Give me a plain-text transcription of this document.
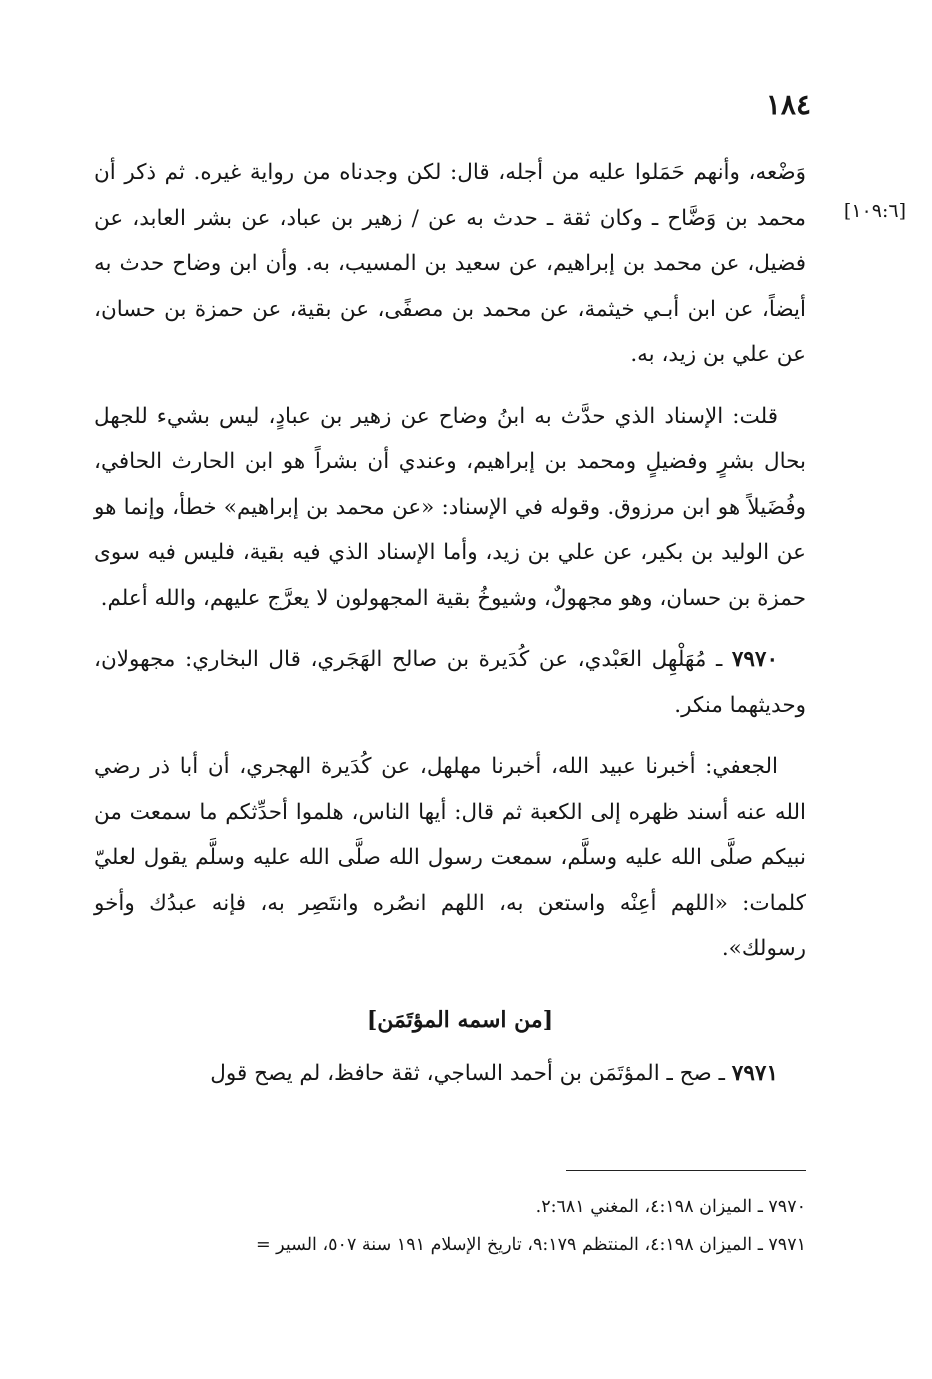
١٨٤
[١٠٩:٦]

وَضْعه، وأنهم حَمَلوا عليه من أجله، قال: لكن وجدناه من رواية غيره. ثم ذكر أن محمد بن وَضَّاح ـ وكان ثقة ـ حدث به عن / زهير بن عباد، عن بشر العابد، عن فضيل، عن محمد بن إبراهيم، عن سعيد بن المسيب، به. وأن ابن وضاح حدث به أيضاً، عن ابن أبـي خيثمة، عن محمد بن مصفًى، عن بقية، عن حمزة بن حسان، عن علي بن زيد، به.

قلت: الإسناد الذي حدَّث به ابنُ وضاح عن زهير بن عبادٍ، ليس بشيء للجهل بحال بشرٍ وفضيلٍ ومحمد بن إبراهيم، وعندي أن بشراً هو ابن الحارث الحافي، وفُضَيلاً هو ابن مرزوق. وقوله في الإسناد: «عن محمد بن إبراهيم» خطأ، وإنما هو عن الوليد بن بكير، عن علي بن زيد، وأما الإسناد الذي فيه بقية، فليس فيه سوى حمزة بن حسان، وهو مجهولٌ، وشيوخُ بقية المجهولون لا يعرَّج عليهم، والله أعلم.

٧٩٧٠ ـ مُهَلْهِل العَبْدي، عن كُدَيرة بن صالح الهَجَري، قال البخاري: مجهولان، وحديثهما منكر.

الجعفي: أخبرنا عبيد الله، أخبرنا مهلهل، عن كُدَيرة الهجري، أن أبا ذر رضي الله عنه أسند ظهره إلى الكعبة ثم قال: أيها الناس، هلموا أحدِّثكم ما سمعت من نبيكم صلَّى الله عليه وسلَّم، سمعت رسول الله صلَّى الله عليه وسلَّم يقول لعليّ كلمات: «اللهم أعِنْه واستعن به، اللهم انصُره وانتَصِر به، فإنه عبدُك وأخو رسولك».

[من اسمه المؤتَمَن]

٧٩٧١ ـ صح ـ المؤتَمَن بن أحمد الساجي، ثقة حافظ، لم يصح قول

٧٩٧٠ ـ الميزان ٤:١٩٨، المغني ٢:٦٨١.

٧٩٧١ ـ الميزان ٤:١٩٨، المنتظم ٩:١٧٩، تاريخ الإسلام ١٩١ سنة ٥٠٧، السير =
